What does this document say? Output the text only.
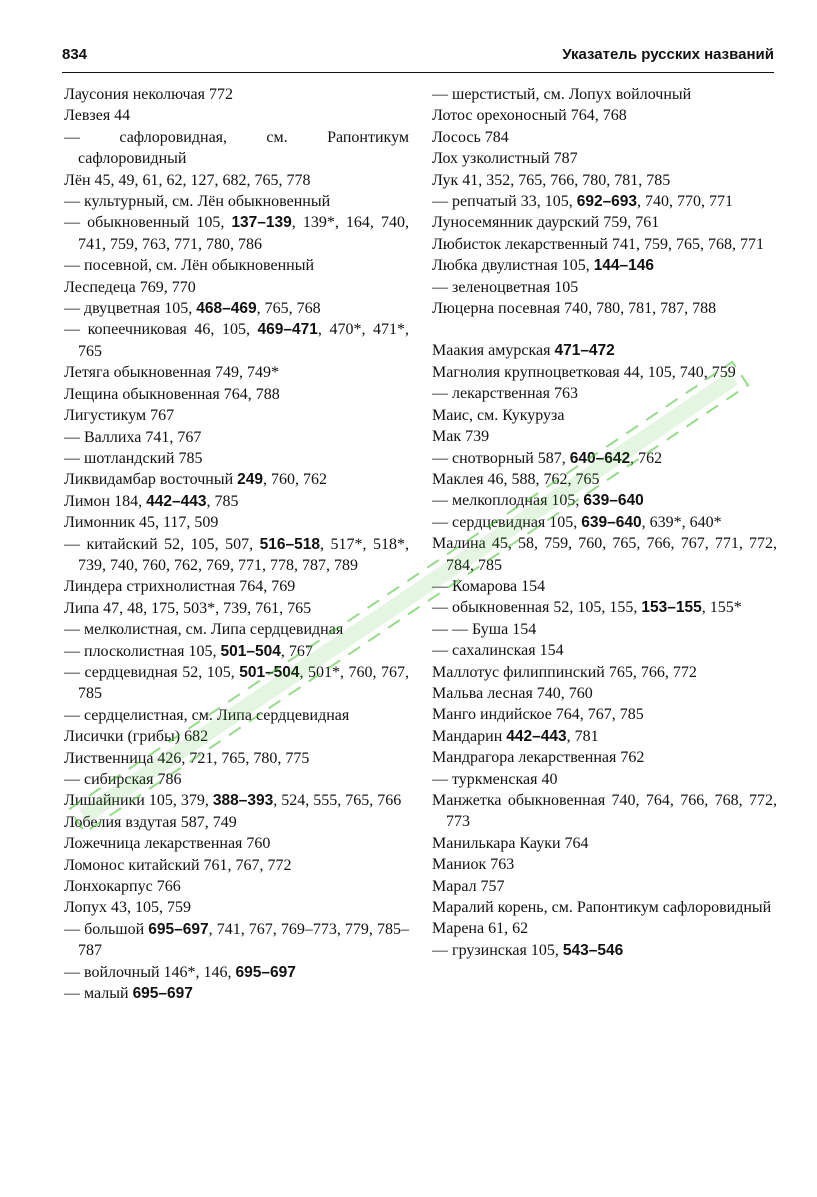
834	Указатель русских названий

Лаусония неколючая 772

Левзея 44

— сафлоровидная, см. Рапонтикум сафлоровидный

Лён 45, 49, 61, 62, 127, 682, 765, 778

— культурный, см. Лён обыкновенный

— обыкновенный 105, 137–139, 139*, 164, 740, 741, 759, 763, 771, 780, 786

— посевной, см. Лён обыкновенный

Леспедеца 769, 770

— двуцветная 105, 468–469, 765, 768

— копеечниковая 46, 105, 469–471, 470*, 471*, 765

Летяга обыкновенная 749, 749*

Лещина обыкновенная 764, 788

Лигустикум 767

— Валлиха 741, 767

— шотландский 785

Ликвидамбар восточный 249, 760, 762

Лимон 184, 442–443, 785

Лимонник 45, 117, 509

— китайский 52, 105, 507, 516–518, 517*, 518*, 739, 740, 760, 762, 769, 771, 778, 787, 789

Линдера стрихнолистная 764, 769

Липа 47, 48, 175, 503*, 739, 761, 765

— мелколистная, см. Липа сердцевидная

— плосколистная 105, 501–504, 767

— сердцевидная 52, 105, 501–504, 501*, 760, 767, 785

— сердцелистная, см. Липа сердцевидная

Лисички (грибы) 682

Лиственница 426, 721, 765, 780, 775

— сибирская 786

Лишайники 105, 379, 388–393, 524, 555, 765, 766

Лобелия вздутая 587, 749

Ложечница лекарственная 760

Ломонос китайский 761, 767, 772

Лонхокарпус 766

Лопух 43, 105, 759

— большой 695–697, 741, 767, 769–773, 779, 785–787

— войлочный 146*, 146, 695–697

— малый 695–697

— шерстистый, см. Лопух войлочный

Лотос орехоносный 764, 768

Лосось 784

Лох узколистный 787

Лук 41, 352, 765, 766, 780, 781, 785

— репчатый 33, 105, 692–693, 740, 770, 771

Луносемянник даурский 759, 761

Любисток лекарственный 741, 759, 765, 768, 771

Любка двулистная 105, 144–146

— зеленоцветная 105

Люцерна посевная 740, 780, 781, 787, 788

Маакия амурская 471–472

Магнолия крупноцветковая 44, 105, 740, 759

— лекарственная 763

Маис, см. Кукуруза

Мак 739

— снотворный 587, 640–642, 762

Маклея 46, 588, 762, 765

— мелкоплодная 105, 639–640

— сердцевидная 105, 639–640, 639*, 640*

Малина 45, 58, 759, 760, 765, 766, 767, 771, 772, 784, 785

— Комарова 154

— обыкновенная 52, 105, 155, 153–155, 155*

— — Буша 154

— сахалинская 154

Маллотус филиппинский 765, 766, 772

Мальва лесная 740, 760

Манго индийское 764, 767, 785

Мандарин 442–443, 781

Мандрагора лекарственная 762

— туркменская 40

Манжетка обыкновенная 740, 764, 766, 768, 772, 773

Манилькара Кауки 764

Маниок 763

Марал 757

Маралий корень, см. Рапонтикум сафлоровидный

Марена 61, 62

— грузинская 105, 543–546
